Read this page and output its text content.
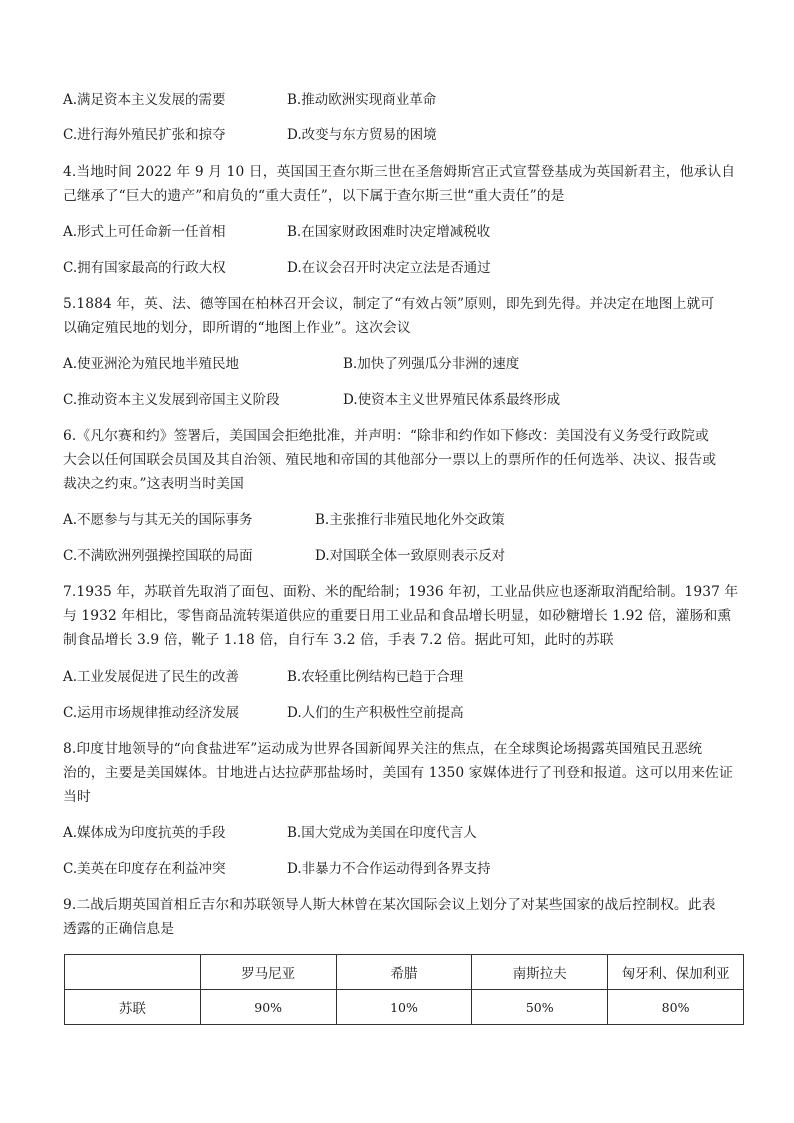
A.满足资本主义发展的需要	B.推动欧洲实现商业革命
C.进行海外殖民扩张和掠夺	D.改变与东方贸易的困境
4.当地时间 2022 年 9 月 10 日，英国国王查尔斯三世在圣詹姆斯宫正式宣誓登基成为英国新君主，他承认自
己继承了“巨大的遗产”和肩负的“重大责任”，以下属于查尔斯三世“重大责任”的是
A.形式上可任命新一任首相	B.在国家财政困难时决定增减税收
C.拥有国家最高的行政大权	D.在议会召开时决定立法是否通过
5.1884 年，英、法、德等国在柏林召开会议，制定了“有效占领”原则，即先到先得。并决定在地图上就可
以确定殖民地的划分，即所谓的“地图上作业”。这次会议
A.使亚洲沦为殖民地半殖民地	B.加快了列强瓜分非洲的速度
C.推动资本主义发展到帝国主义阶段	D.使资本主义世界殖民体系最终形成
6.《凡尔赛和约》签署后，美国国会拒绝批准，并声明：“除非和约作如下修改：美国没有义务受行政院或
大会以任何国联会员国及其自治领、殖民地和帝国的其他部分一票以上的票所作的任何选举、决议、报告或
裁决之约束。”这表明当时美国
A.不愿参与与其无关的国际事务	B.主张推行非殖民地化外交政策
C.不满欧洲列强操控国联的局面	D.对国联全体一致原则表示反对
7.1935 年，苏联首先取消了面包、面粉、米的配给制；1936 年初，工业品供应也逐渐取消配给制。1937 年
与 1932 年相比，零售商品流转渠道供应的重要日用工业品和食品增长明显，如砂糖增长 1.92 倍，灌肠和熏
制食品增长 3.9 倍，靴子 1.18 倍，自行车 3.2 倍，手表 7.2 倍。据此可知，此时的苏联
A.工业发展促进了民生的改善	B.农轻重比例结构已趋于合理
C.运用市场规律推动经济发展	D.人们的生产积极性空前提高
8.印度甘地领导的“向食盐进军”运动成为世界各国新闻界关注的焦点，在全球舆论场揭露英国殖民丑恶统
治的，主要是美国媒体。甘地进占达拉萨那盐场时，美国有 1350 家媒体进行了刊登和报道。这可以用来佐证
当时
A.媒体成为印度抗英的手段	B.国大党成为美国在印度代言人
C.美英在印度存在利益冲突	D.非暴力不合作运动得到各界支持
9.二战后期英国首相丘吉尔和苏联领导人斯大林曾在某次国际会议上划分了对某些国家的战后控制权。此表
透露的正确信息是
	罗马尼亚	希腊	南斯拉夫	匈牙利、保加利亚
苏联	90%	10%	50%	80%
